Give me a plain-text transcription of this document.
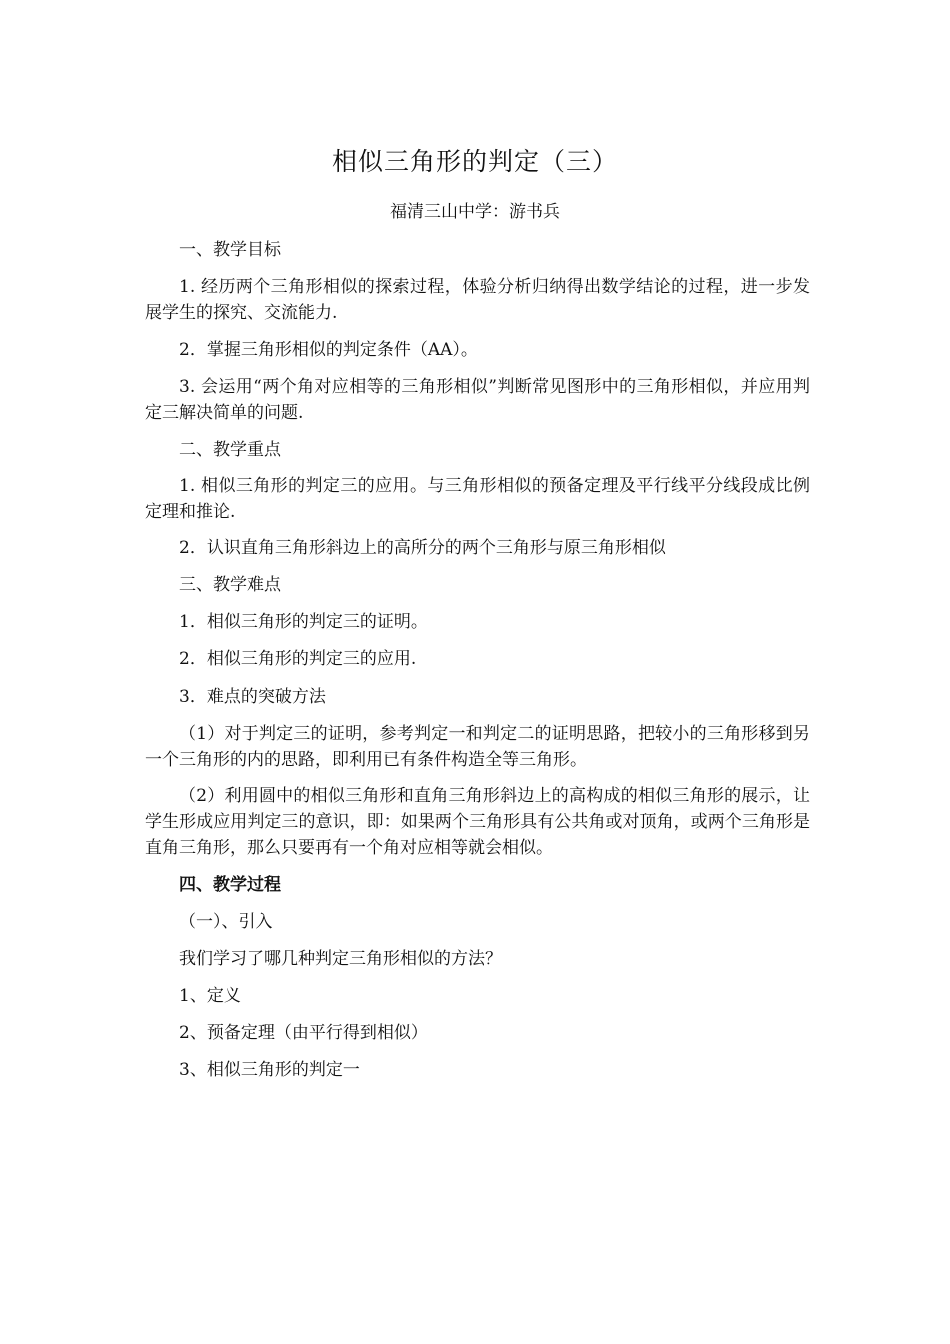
相似三角形的判定（三）
福清三山中学：游书兵

一、教学目标

1. 经历两个三角形相似的探索过程，体验分析归纳得出数学结论的过程，进一步发展学生的探究、交流能力.

2．掌握三角形相似的判定条件（AA）。

3. 会运用“两个角对应相等的三角形相似”判断常见图形中的三角形相似，并应用判定三解决简单的问题.

二、教学重点

1. 相似三角形的判定三的应用。与三角形相似的预备定理及平行线平分线段成比例定理和推论.

2．认识直角三角形斜边上的高所分的两个三角形与原三角形相似

三、教学难点

1．相似三角形的判定三的证明。

2．相似三角形的判定三的应用.

3．难点的突破方法

（1）对于判定三的证明，参考判定一和判定二的证明思路，把较小的三角形移到另一个三角形的内的思路，即利用已有条件构造全等三角形。

（2）利用圆中的相似三角形和直角三角形斜边上的高构成的相似三角形的展示，让学生形成应用判定三的意识，即：如果两个三角形具有公共角或对顶角，或两个三角形是直角三角形，那么只要再有一个角对应相等就会相似。

四、教学过程

（一）、引入

我们学习了哪几种判定三角形相似的方法？

1、定义

2、预备定理（由平行得到相似）

3、相似三角形的判定一
